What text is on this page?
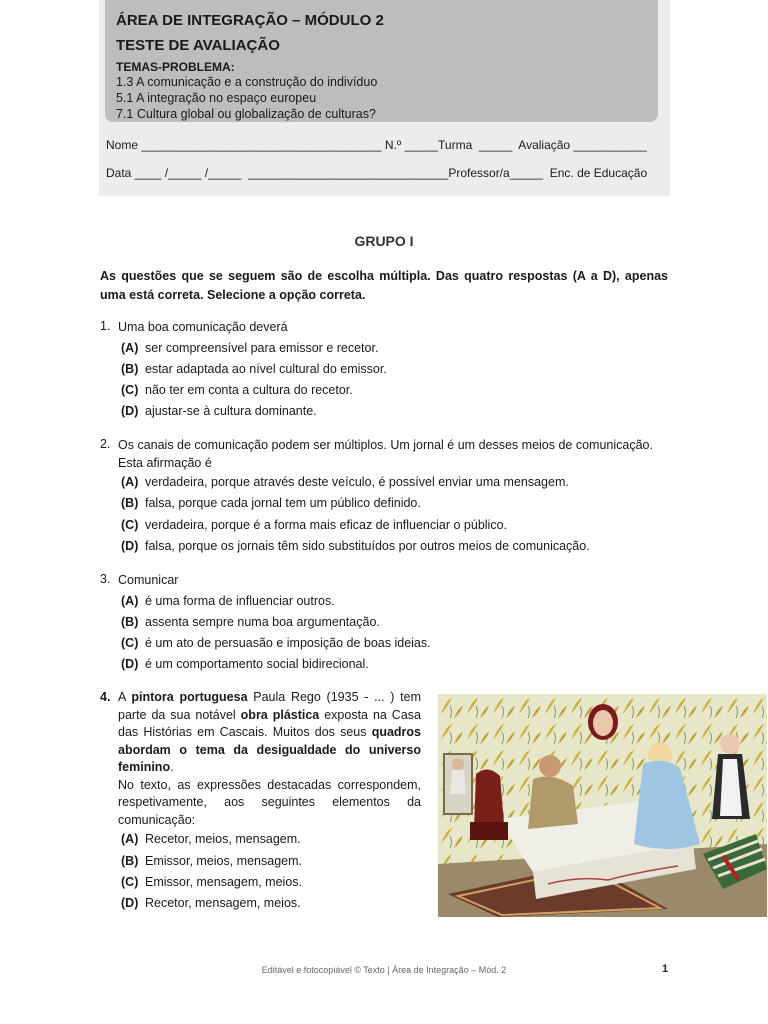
ÁREA DE INTEGRAÇÃO – MÓDULO 2
TESTE DE AVALIAÇÃO
TEMAS-PROBLEMA:
1.3 A comunicação e a construção do indivíduo
5.1 A integração no espaço europeu
7.1 Cultura global ou globalização de culturas?
Nome ____________________________________ N.º _____Turma  _____  Avaliação ___________
Data ____ /_____ /_____  ______________________________Professor/a_____  Enc. de Educação
GRUPO I
As questões que se seguem são de escolha múltipla. Das quatro respostas (A a D), apenas uma está correta. Selecione a opção correta.
1. Uma boa comunicação deverá
(A) ser compreensível para emissor e recetor.
(B) estar adaptada ao nível cultural do emissor.
(C) não ter em conta a cultura do recetor.
(D) ajustar-se à cultura dominante.
2. Os canais de comunicação podem ser múltiplos. Um jornal é um desses meios de comunicação. Esta afirmação é
(A) verdadeira, porque através deste veículo, é possível enviar uma mensagem.
(B) falsa, porque cada jornal tem um público definido.
(C) verdadeira, porque é a forma mais eficaz de influenciar o público.
(D) falsa, porque os jornais têm sido substituídos por outros meios de comunicação.
3. Comunicar
(A) é uma forma de influenciar outros.
(B) assenta sempre numa boa argumentação.
(C) é um ato de persuasão e imposição de boas ideias.
(D) é um comportamento social bidirecional.
4. A pintora portuguesa Paula Rego (1935 - ... ) tem parte da sua notável obra plástica exposta na Casa das Histórias em Cascais. Muitos dos seus quadros abordam o tema da desigualdade do universo feminino.
No texto, as expressões destacadas correspondem, respetivamente, aos seguintes elementos da comunicação:
(A) Recetor, meios, mensagem.
(B) Emissor, meios, mensagem.
(C) Emissor, mensagem, meios.
(D) Recetor, mensagem, meios.
Editável e fotocopiável © Texto | Área de Integração – Mód. 2	1
